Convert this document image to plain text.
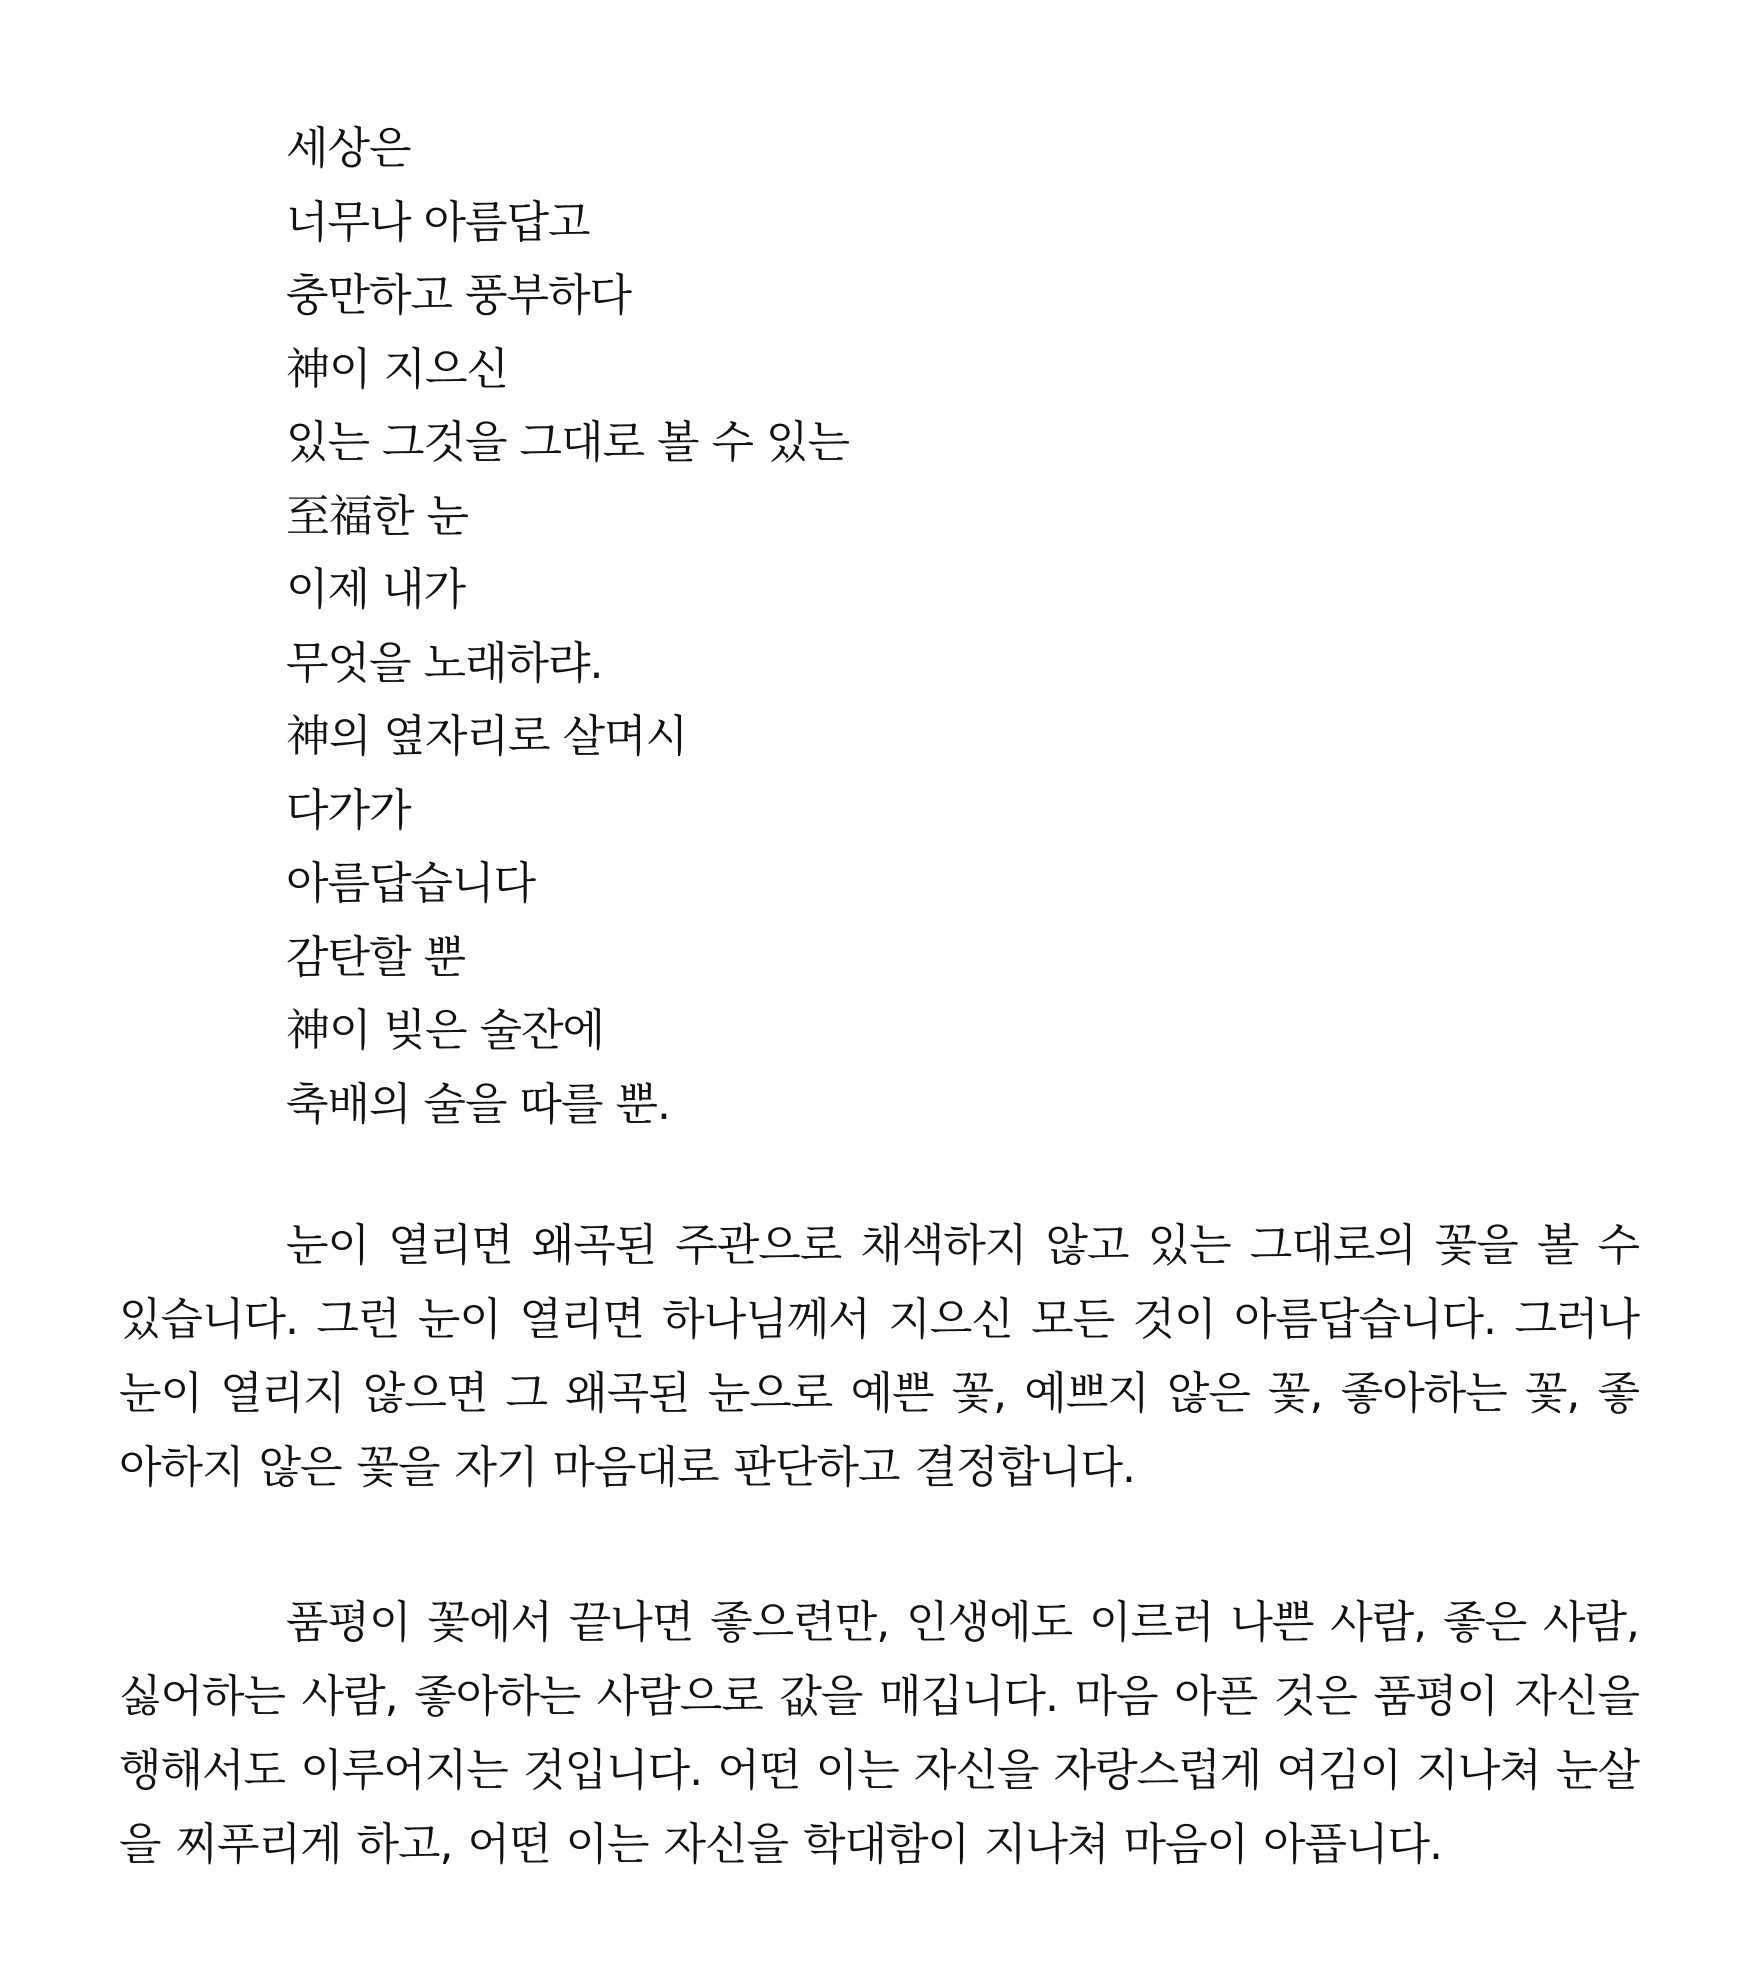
세상은
너무나 아름답고
충만하고 풍부하다
神이 지으신
있는 그것을 그대로 볼 수 있는
至福한 눈
이제 내가
무엇을 노래하랴.
神의 옆자리로 살며시
다가가
아름답습니다
감탄할 뿐
神이 빚은 술잔에
축배의 술을 따를 뿐.

눈이 열리면 왜곡된 주관으로 채색하지 않고 있는 그대로의 꽃을 볼 수 있습니다. 그런 눈이 열리면 하나님께서 지으신 모든 것이 아름답습니다. 그러나 눈이 열리지 않으면 그 왜곡된 눈으로 예쁜 꽃, 예쁘지 않은 꽃, 좋아하는 꽃, 좋아하지 않은 꽃을 자기 마음대로 판단하고 결정합니다.

품평이 꽃에서 끝나면 좋으련만, 인생에도 이르러 나쁜 사람, 좋은 사람, 싫어하는 사람, 좋아하는 사람으로 값을 매깁니다. 마음 아픈 것은 품평이 자신을 행해서도 이루어지는 것입니다. 어떤 이는 자신을 자랑스럽게 여김이 지나쳐 눈살을 찌푸리게 하고, 어떤 이는 자신을 학대함이 지나쳐 마음이 아픕니다.
